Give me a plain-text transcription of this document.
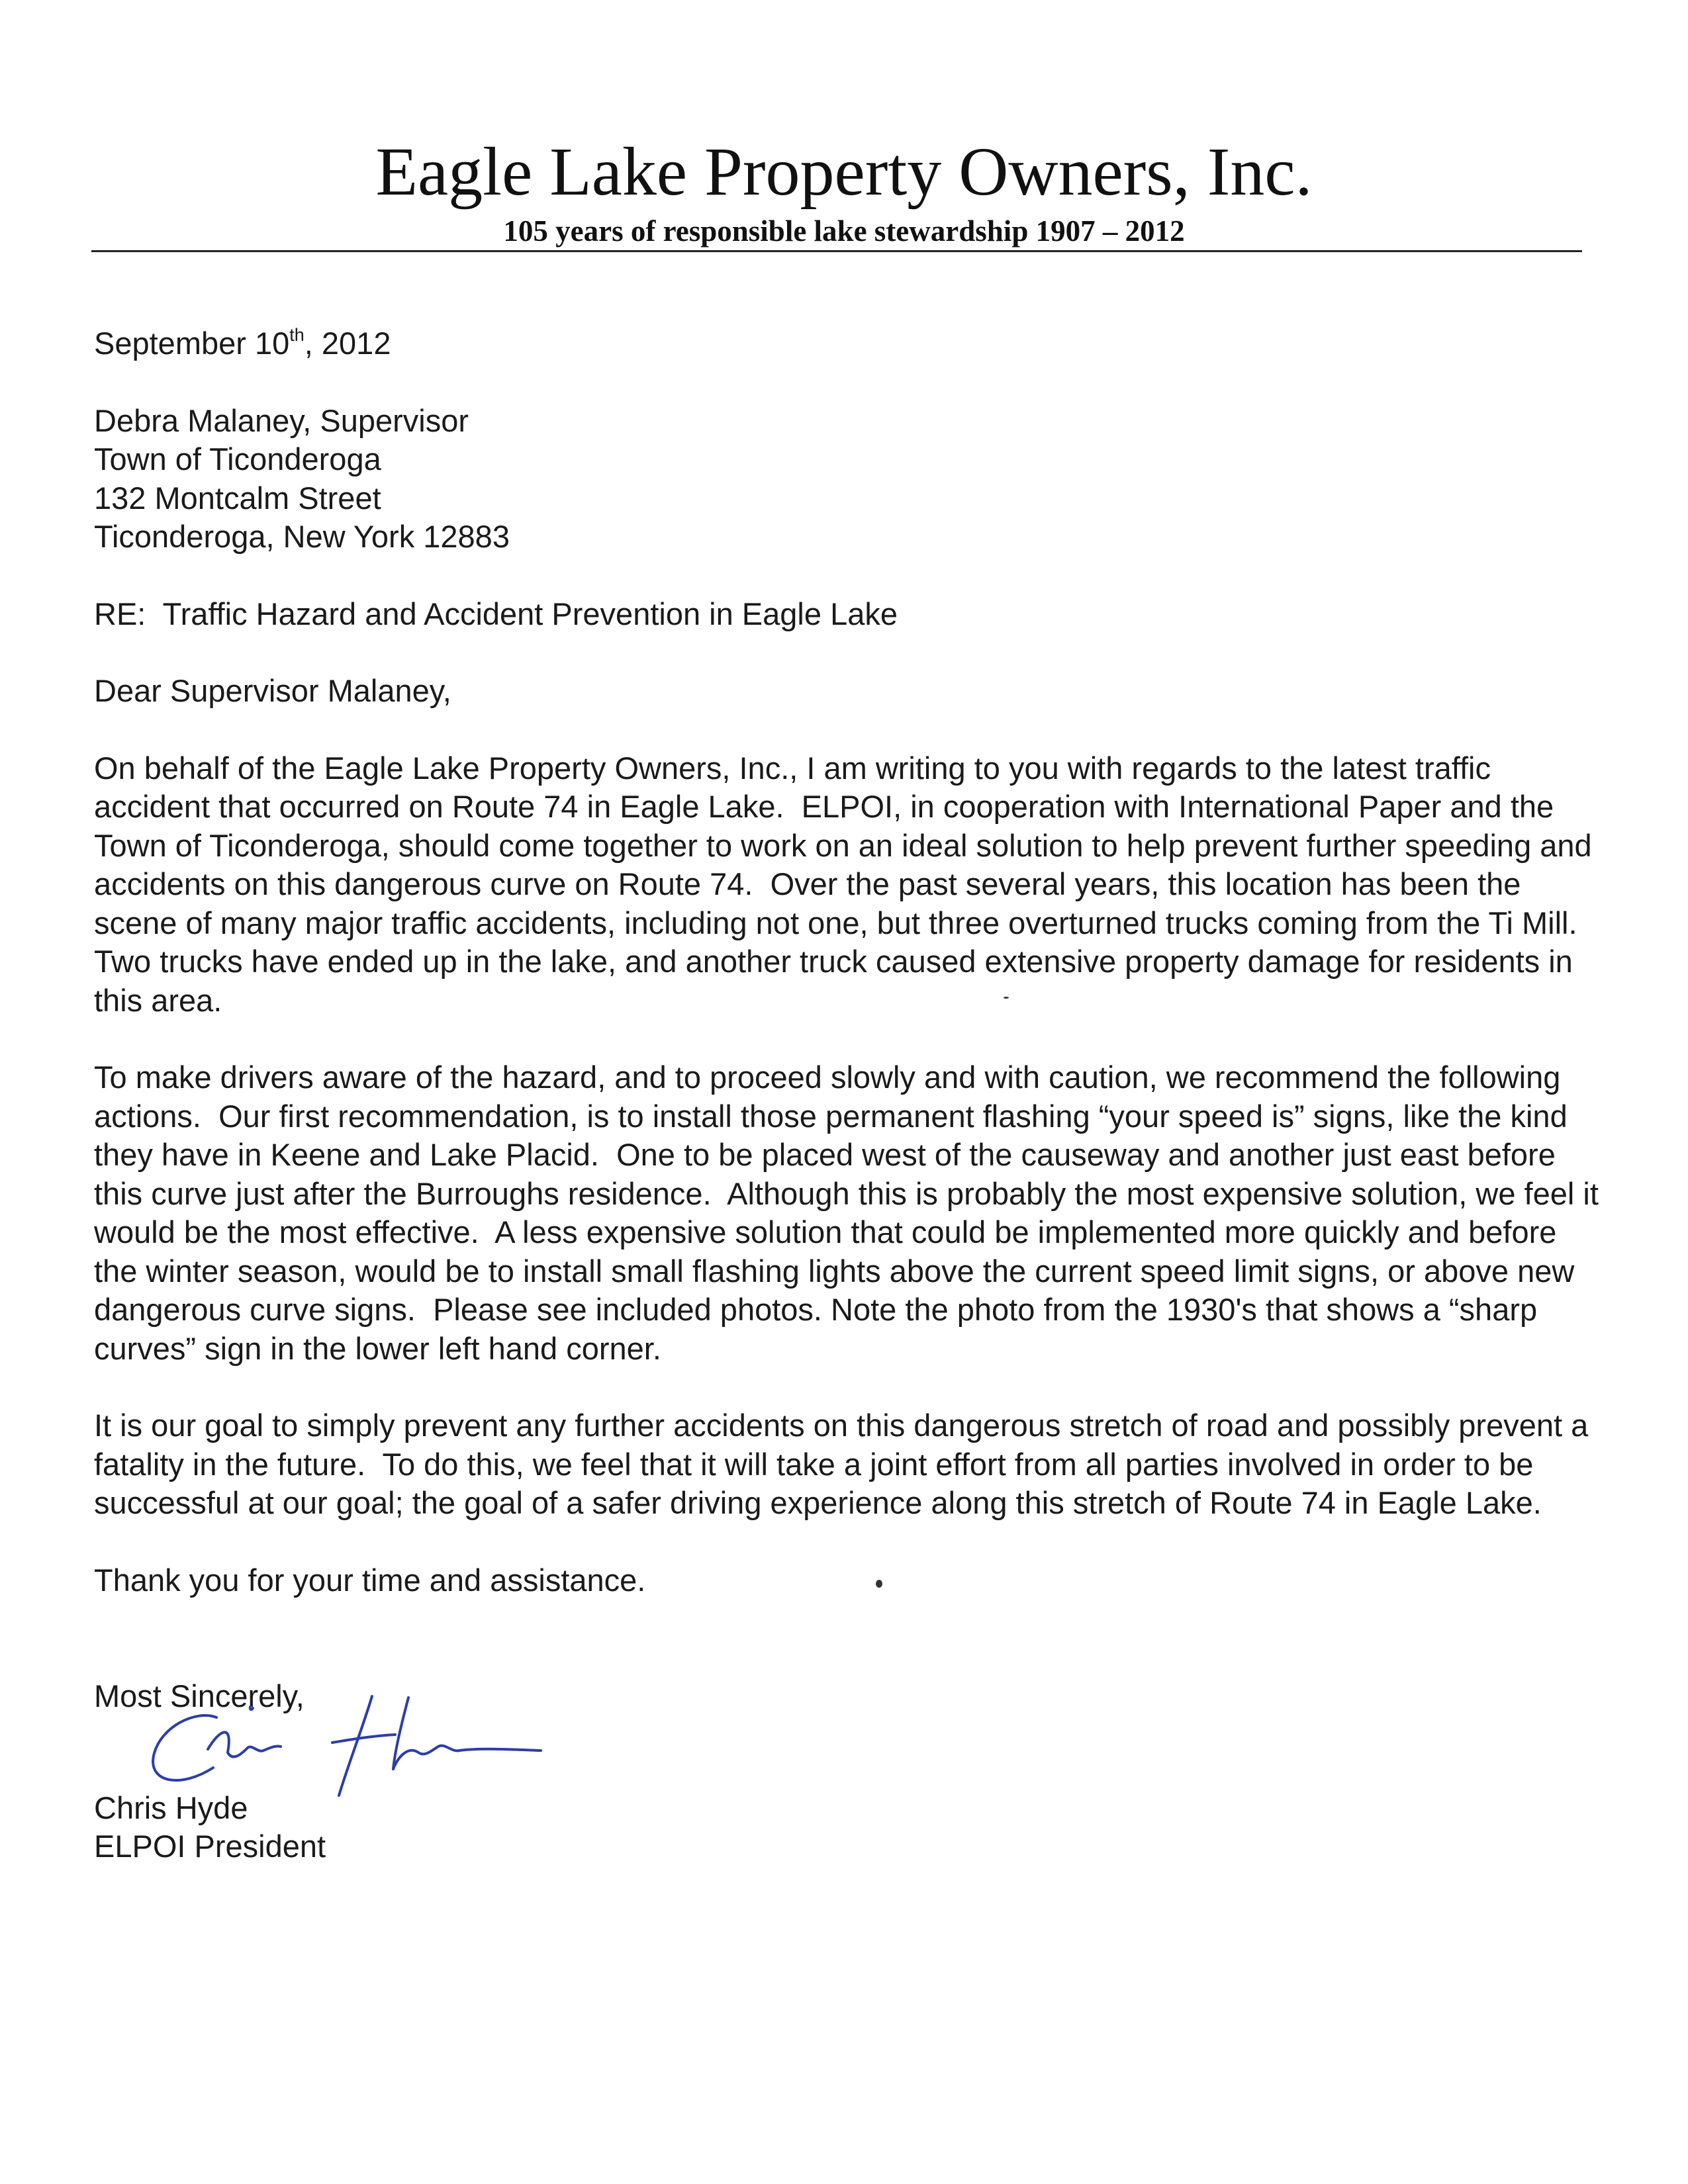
Eagle Lake Property Owners, Inc.
105 years of responsible lake stewardship 1907 – 2012

September 10th, 2012

Debra Malaney, Supervisor

Town of Ticonderoga

132 Montcalm Street

Ticonderoga, New York 12883

RE:  Traffic Hazard and Accident Prevention in Eagle Lake

Dear Supervisor Malaney,

On behalf of the Eagle Lake Property Owners, Inc., I am writing to you with regards to the latest traffic accident that occurred on Route 74 in Eagle Lake.  ELPOI, in cooperation with International Paper and the Town of Ticonderoga, should come together to work on an ideal solution to help prevent further speeding and accidents on this dangerous curve on Route 74.  Over the past several years, this location has been the scene of many major traffic accidents, including not one, but three overturned trucks coming from the Ti Mill.  Two trucks have ended up in the lake, and another truck caused extensive property damage for residents in this area.

To make drivers aware of the hazard, and to proceed slowly and with caution, we recommend the following actions.  Our first recommendation, is to install those permanent flashing “your speed is” signs, like the kind they have in Keene and Lake Placid.  One to be placed west of the causeway and another just east before this curve just after the Burroughs residence.  Although this is probably the most expensive solution, we feel it would be the most effective.  A less expensive solution that could be implemented more quickly and before the winter season, would be to install small flashing lights above the current speed limit signs, or above new dangerous curve signs.  Please see included photos. Note the photo from the 1930's that shows a “sharp curves” sign in the lower left hand corner.

It is our goal to simply prevent any further accidents on this dangerous stretch of road and possibly prevent a fatality in the future.  To do this, we feel that it will take a joint effort from all parties involved in order to be successful at our goal; the goal of a safer driving experience along this stretch of Route 74 in Eagle Lake.

Thank you for your time and assistance.

Most Sincerely,

Chris Hyde

ELPOI President
